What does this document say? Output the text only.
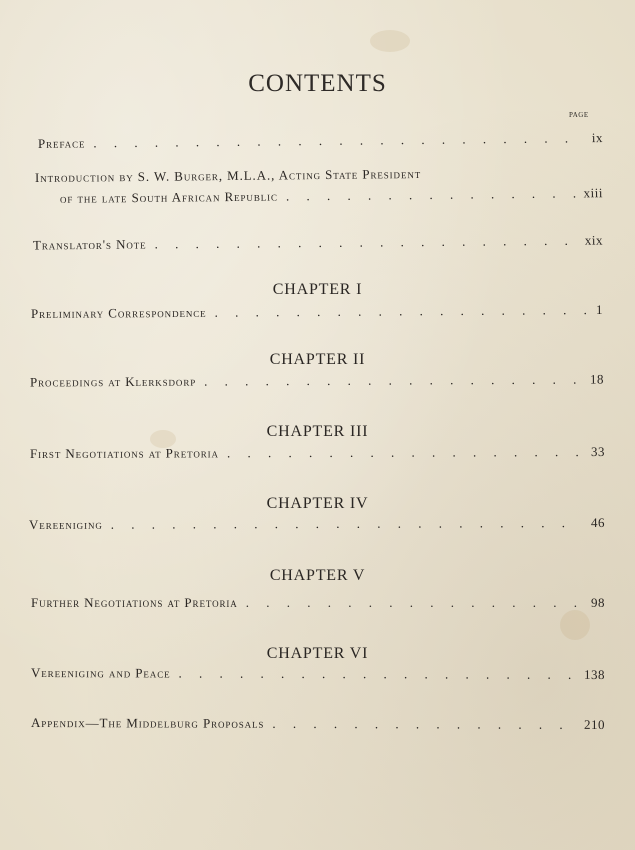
CONTENTS
PAGE
Preface . . .	ix
Introduction by S. W. Burger, M.L.A., Acting State President
of the late South African Republic . . .	xiii
Translator's Note . . .	xix
CHAPTER I
Preliminary Correspondence . . .	1
CHAPTER II
Proceedings at Klerksdorp . . .	18
CHAPTER III
First Negotiations at Pretoria . . .	33
CHAPTER IV
Vereeniging . . .	46
CHAPTER V
Further Negotiations at Pretoria . . .	98
CHAPTER VI
Vereeniging and Peace . . .	138
Appendix—The Middelburg Proposals . . .	210
